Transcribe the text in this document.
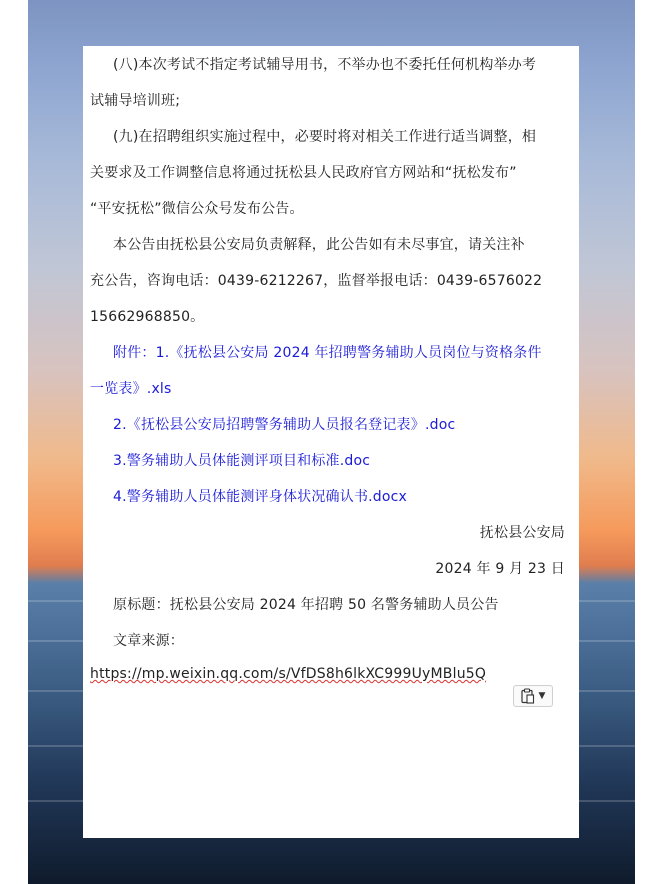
(八)本次考试不指定考试辅导用书，不举办也不委托任何机构举办考
试辅导培训班;
(九)在招聘组织实施过程中，必要时将对相关工作进行适当调整，相
关要求及工作调整信息将通过抚松县人民政府官方网站和“抚松发布”
“平安抚松”微信公众号发布公告。
本公告由抚松县公安局负责解释，此公告如有未尽事宜，请关注补
充公告，咨询电话：0439-6212267，监督举报电话：0439-6576022
15662968850。
附件：1.《抚松县公安局 2024 年招聘警务辅助人员岗位与资格条件
一览表》.xls
2.《抚松县公安局招聘警务辅助人员报名登记表》.doc
3.警务辅助人员体能测评项目和标准.doc
4.警务辅助人员体能测评身体状况确认书.docx
抚松县公安局
2024 年 9 月 23 日
原标题：抚松县公安局 2024 年招聘 50 名警务辅助人员公告
文章来源：
https://mp.weixin.qq.com/s/VfDS8h6lkXC999UyMBlu5Q
▼
